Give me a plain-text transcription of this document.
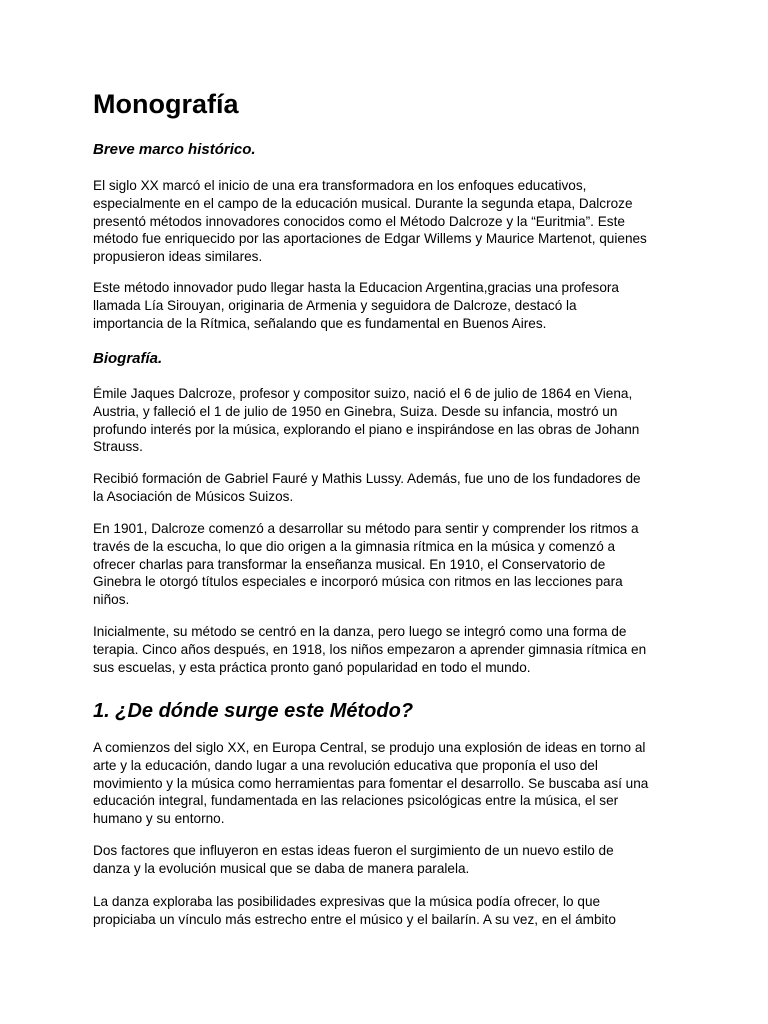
Monografía
Breve marco histórico.

El siglo XX marcó el inicio de una era transformadora en los enfoques educativos,
especialmente en el campo de la educación musical. Durante la segunda etapa, Dalcroze
presentó métodos innovadores conocidos como el Método Dalcroze y la “Euritmia”. Este
método fue enriquecido por las aportaciones de Edgar Willems y Maurice Martenot, quienes
propusieron ideas similares.

Este método innovador pudo llegar hasta la Educacion Argentina,gracias una profesora
llamada Lía Sirouyan, originaria de Armenia y seguidora de Dalcroze, destacó la
importancia de la Rítmica, señalando que es fundamental en Buenos Aires.

Biografía.

Émile Jaques Dalcroze, profesor y compositor suizo, nació el 6 de julio de 1864 en Viena,
Austria, y falleció el 1 de julio de 1950 en Ginebra, Suiza. Desde su infancia, mostró un
profundo interés por la música, explorando el piano e inspirándose en las obras de Johann
Strauss.

Recibió formación de Gabriel Fauré y Mathis Lussy. Además, fue uno de los fundadores de
la Asociación de Músicos Suizos.

En 1901, Dalcroze comenzó a desarrollar su método para sentir y comprender los ritmos a
través de la escucha, lo que dio origen a la gimnasia rítmica en la música y comenzó a
ofrecer charlas para transformar la enseñanza musical. En 1910, el Conservatorio de
Ginebra le otorgó títulos especiales e incorporó música con ritmos en las lecciones para
niños.

Inicialmente, su método se centró en la danza, pero luego se integró como una forma de
terapia. Cinco años después, en 1918, los niños empezaron a aprender gimnasia rítmica en
sus escuelas, y esta práctica pronto ganó popularidad en todo el mundo.

1. ¿De dónde surge este Método?

A comienzos del siglo XX, en Europa Central, se produjo una explosión de ideas en torno al
arte y la educación, dando lugar a una revolución educativa que proponía el uso del
movimiento y la música como herramientas para fomentar el desarrollo. Se buscaba así una
educación integral, fundamentada en las relaciones psicológicas entre la música, el ser
humano y su entorno.

Dos factores que influyeron en estas ideas fueron el surgimiento de un nuevo estilo de
danza y la evolución musical que se daba de manera paralela.

La danza exploraba las posibilidades expresivas que la música podía ofrecer, lo que
propiciaba un vínculo más estrecho entre el músico y el bailarín. A su vez, en el ámbito
